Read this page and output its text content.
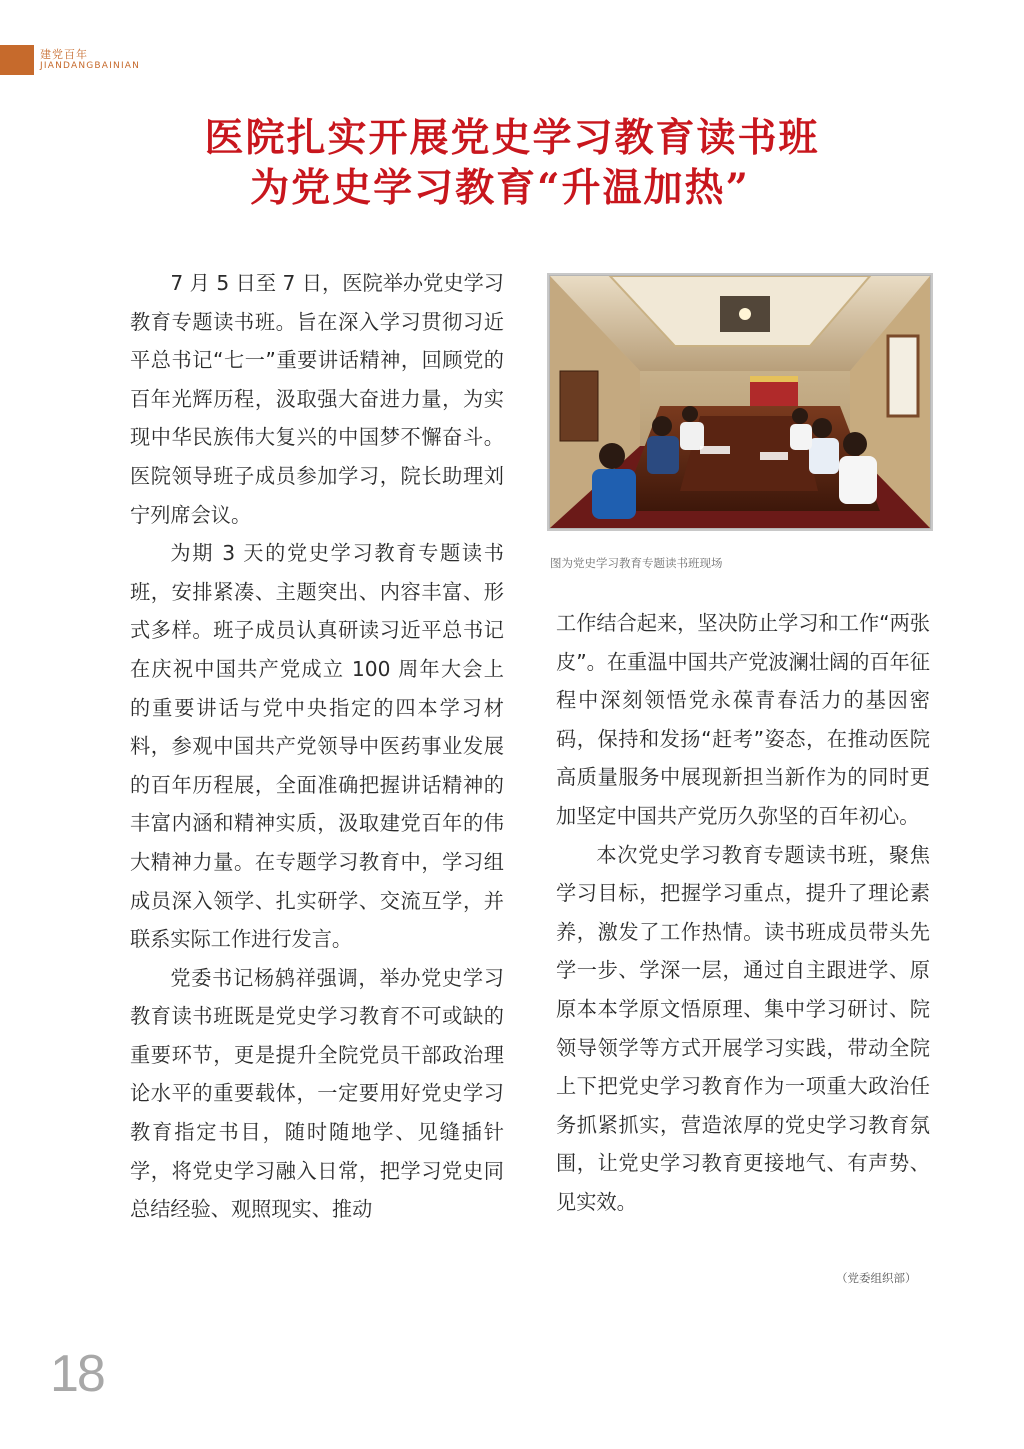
建党百年
JIANDANGBAINIAN
医院扎实开展党史学习教育读书班
为党史学习教育“升温加热”

7 月 5 日至 7 日，医院举办党史学习教育专题读书班。旨在深入学习贯彻习近平总书记“七一”重要讲话精神，回顾党的百年光辉历程，汲取强大奋进力量，为实现中华民族伟大复兴的中国梦不懈奋斗。医院领导班子成员参加学习，院长助理刘宁列席会议。

为期 3 天的党史学习教育专题读书班，安排紧凑、主题突出、内容丰富、形式多样。班子成员认真研读习近平总书记在庆祝中国共产党成立 100 周年大会上的重要讲话与党中央指定的四本学习材料，参观中国共产党领导中医药事业发展的百年历程展，全面准确把握讲话精神的丰富内涵和精神实质，汲取建党百年的伟大精神力量。在专题学习教育中，学习组成员深入领学、扎实研学、交流互学，并联系实际工作进行发言。

党委书记杨鸫祥强调，举办党史学习教育读书班既是党史学习教育不可或缺的重要环节，更是提升全院党员干部政治理论水平的重要载体，一定要用好党史学习教育指定书目，随时随地学、见缝插针学，将党史学习融入日常，把学习党史同总结经验、观照现实、推动

图为党史学习教育专题读书班现场

工作结合起来，坚决防止学习和工作“两张皮”。在重温中国共产党波澜壮阔的百年征程中深刻领悟党永葆青春活力的基因密码，保持和发扬“赶考”姿态，在推动医院高质量服务中展现新担当新作为的同时更加坚定中国共产党历久弥坚的百年初心。

本次党史学习教育专题读书班，聚焦学习目标，把握学习重点，提升了理论素养，激发了工作热情。读书班成员带头先学一步、学深一层，通过自主跟进学、原原本本学原文悟原理、集中学习研讨、院领导领学等方式开展学习实践，带动全院上下把党史学习教育作为一项重大政治任务抓紧抓实，营造浓厚的党史学习教育氛围，让党史学习教育更接地气、有声势、见实效。

（党委组织部）
18
